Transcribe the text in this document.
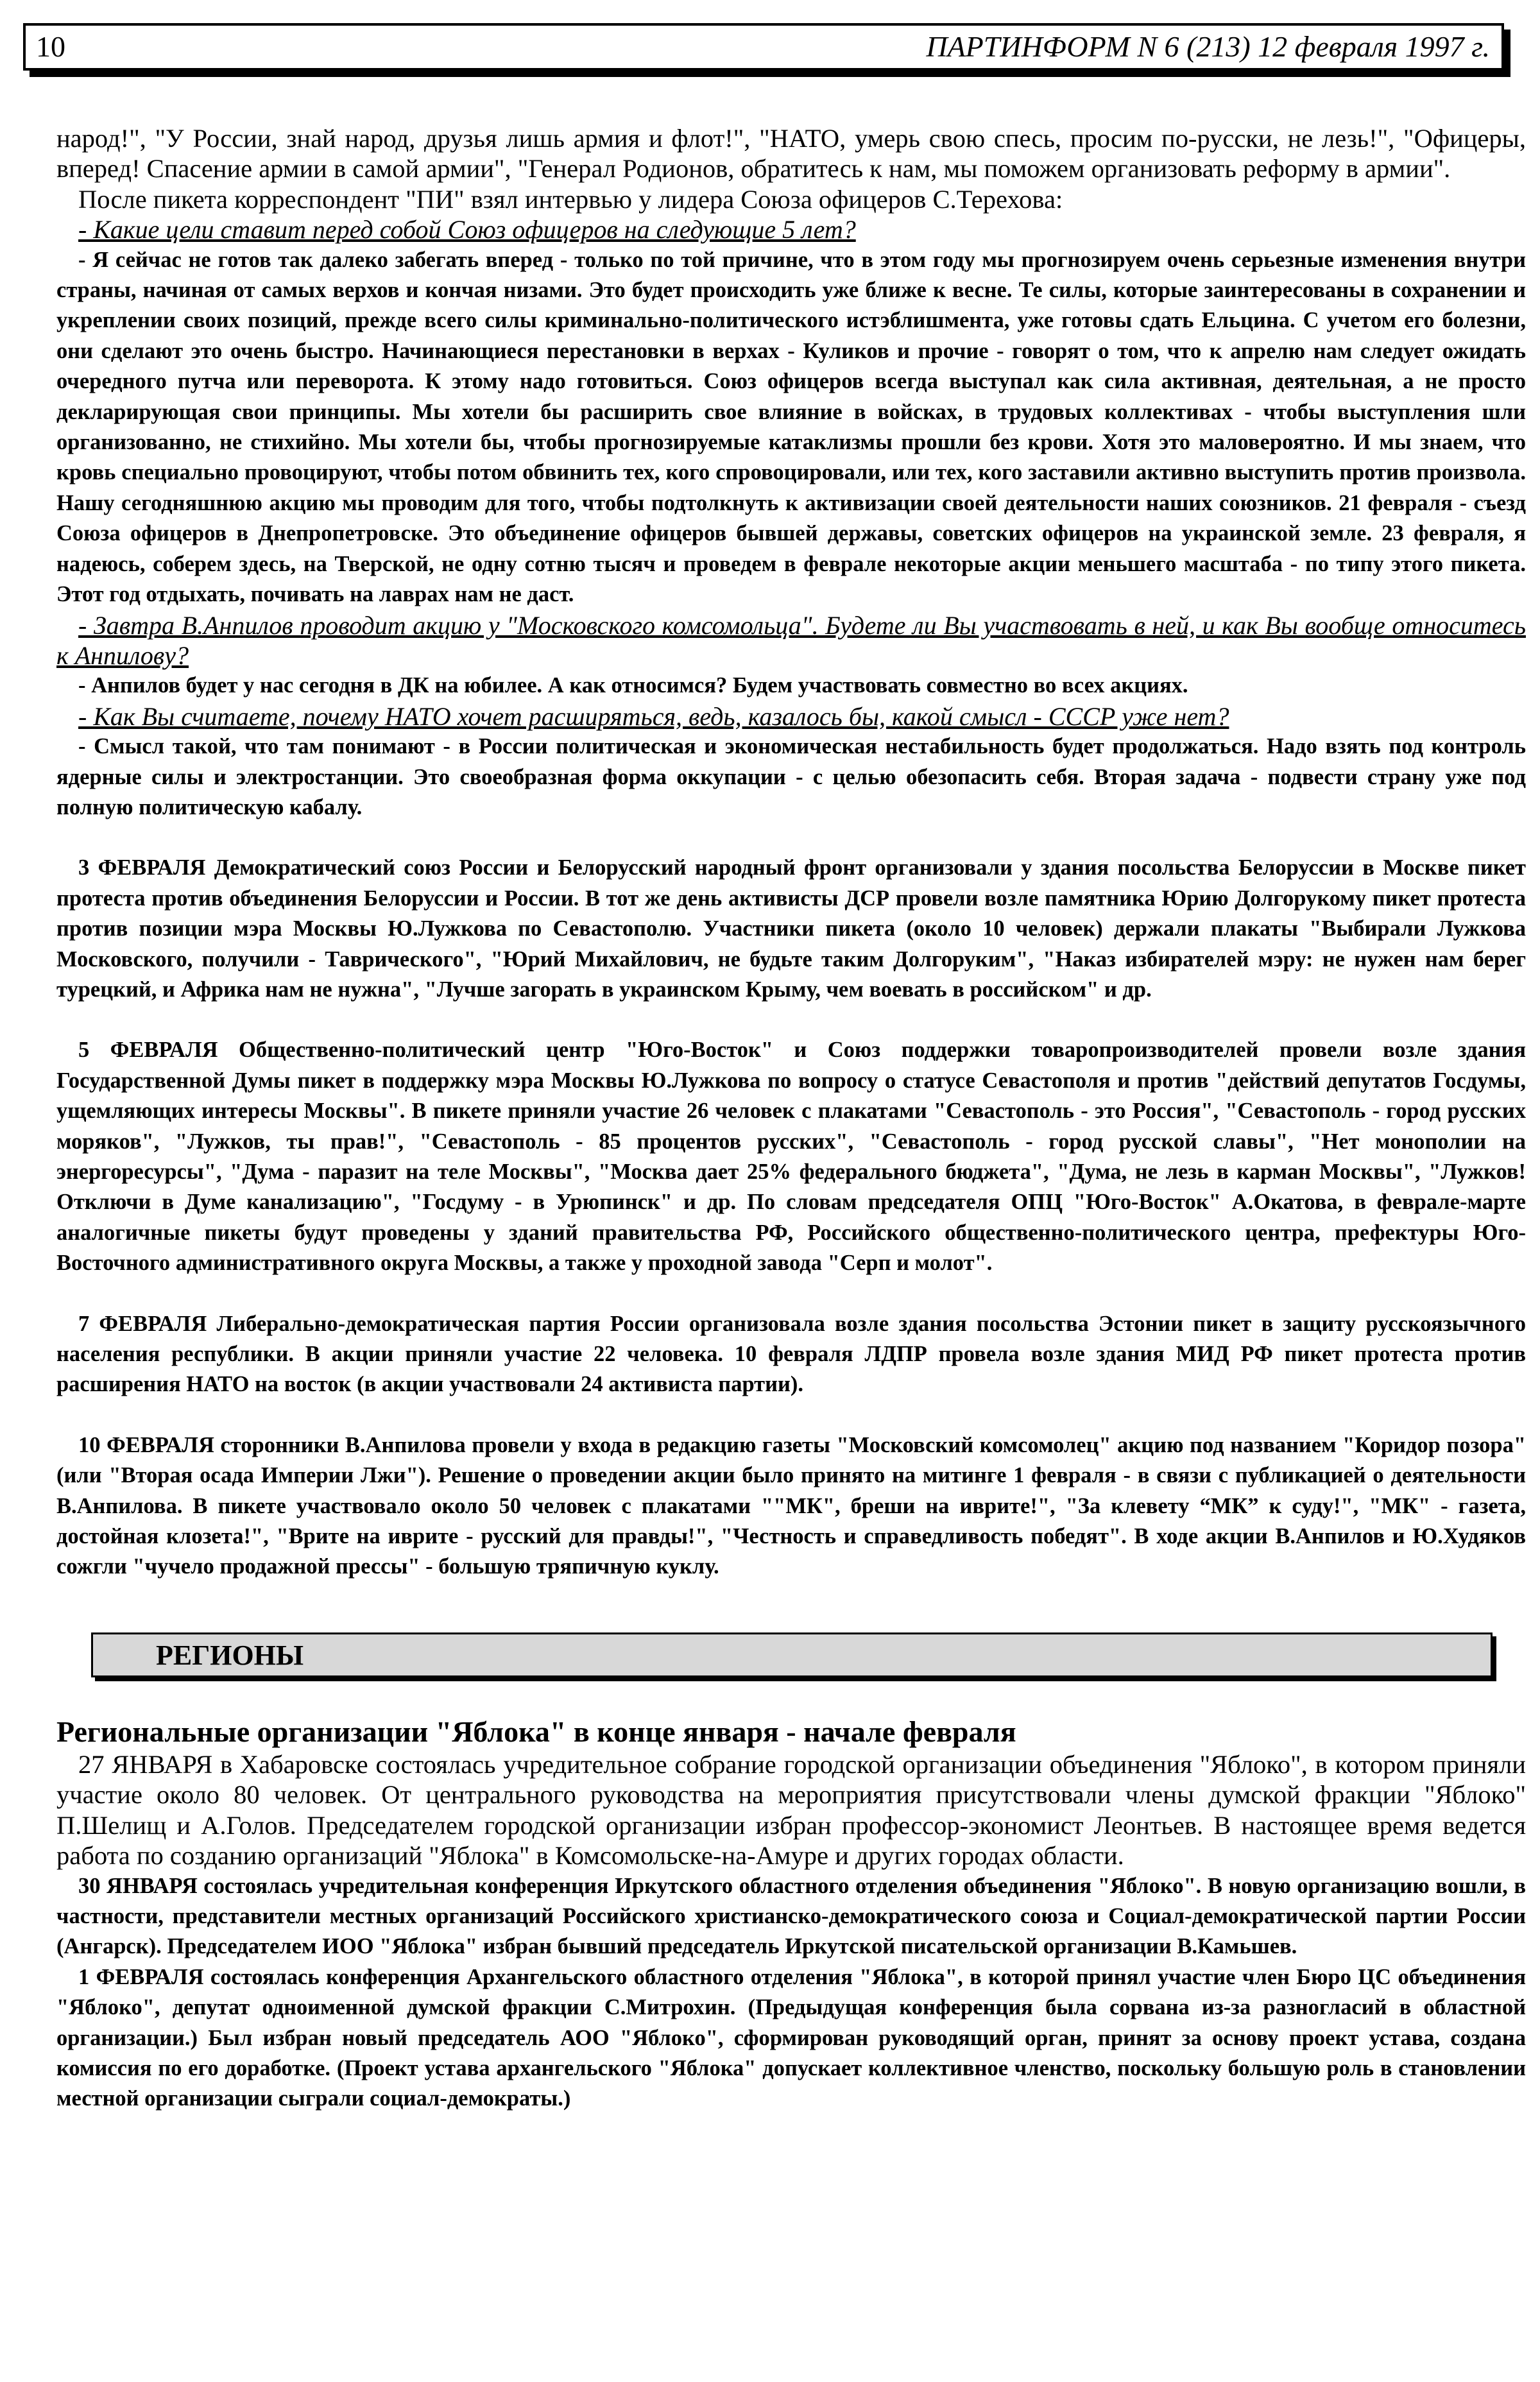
10	ПАРТИНФОРМ N 6 (213) 12 февраля 1997 г.

народ!", "У России, знай народ, друзья лишь армия и флот!", "НАТО, умерь свою спесь, просим по-русски, не лезь!", "Офицеры, вперед! Спасение армии в самой армии", "Генерал Родионов, обратитесь к нам, мы поможем организовать реформу в армии".

После пикета корреспондент "ПИ" взял интервью у лидера Союза офицеров С.Терехова:

- Какие цели ставит перед собой Союз офицеров на следующие 5 лет?

- Я сейчас не готов так далеко забегать вперед - только по той причине, что в этом году мы прогнозируем очень серьезные изменения внутри страны, начиная от самых верхов и кончая низами. Это будет происходить уже ближе к весне. Те силы, которые заинтересованы в сохранении и укреплении своих позиций, прежде всего силы криминально-политического истэблишмента, уже готовы сдать Ельцина. С учетом его болезни, они сделают это очень быстро. Начинающиеся перестановки в верхах - Куликов и прочие - говорят о том, что к апрелю нам следует ожидать очередного путча или переворота. К этому надо готовиться. Союз офицеров всегда выступал как сила активная, деятельная, а не просто декларирующая свои принципы. Мы хотели бы расширить свое влияние в войсках, в трудовых коллективах - чтобы выступления шли организованно, не стихийно. Мы хотели бы, чтобы прогнозируемые катаклизмы прошли без крови. Хотя это маловероятно. И мы знаем, что кровь специально провоцируют, чтобы потом обвинить тех, кого спровоцировали, или тех, кого заставили активно выступить против произвола. Нашу сегодняшнюю акцию мы проводим для того, чтобы подтолкнуть к активизации своей деятельности наших союзников. 21 февраля - съезд Союза офицеров в Днепропетровске. Это объединение офицеров бывшей державы, советских офицеров на украинской земле. 23 февраля, я надеюсь, соберем здесь, на Тверской, не одну сотню тысяч и проведем в феврале некоторые акции меньшего масштаба - по типу этого пикета. Этот год отдыхать, почивать на лаврах нам не даст.

- Завтра В.Анпилов проводит акцию у "Московского комсомольца". Будете ли Вы участвовать в ней, и как Вы вообще относитесь к Анпилову?

- Анпилов будет у нас сегодня в ДК на юбилее. А как относимся? Будем участвовать совместно во всех акциях.

- Как Вы считаете, почему НАТО хочет расширяться, ведь, казалось бы, какой смысл - СССР уже нет?

- Смысл такой, что там понимают - в России политическая и экономическая нестабильность будет продолжаться. Надо взять под контроль ядерные силы и электростанции. Это своеобразная форма оккупации - с целью обезопасить себя. Вторая задача - подвести страну уже под полную политическую кабалу.

3 ФЕВРАЛЯ Демократический союз России и Белорусский народный фронт организовали у здания посольства Белоруссии в Москве пикет протеста против объединения Белоруссии и России. В тот же день активисты ДСР провели возле памятника Юрию Долгорукому пикет протеста против позиции мэра Москвы Ю.Лужкова по Севастополю. Участники пикета (около 10 человек) держали плакаты "Выбирали Лужкова Московского, получили - Таврического", "Юрий Михайлович, не будьте таким Долгоруким", "Наказ избирателей мэру: не нужен нам берег турецкий, и Африка нам не нужна", "Лучше загорать в украинском Крыму, чем воевать в российском" и др.

5 ФЕВРАЛЯ Общественно-политический центр "Юго-Восток" и Союз поддержки товаропроизводителей провели возле здания Государственной Думы пикет в поддержку мэра Москвы Ю.Лужкова по вопросу о статусе Севастополя и против "действий депутатов Госдумы, ущемляющих интересы Москвы". В пикете приняли участие 26 человек с плакатами "Севастополь - это Россия", "Севастополь - город русских моряков", "Лужков, ты прав!", "Севастополь - 85 процентов русских", "Севастополь - город русской славы", "Нет монополии на энергоресурсы", "Дума - паразит на теле Москвы", "Москва дает 25% федерального бюджета", "Дума, не лезь в карман Москвы", "Лужков! Отключи в Думе канализацию", "Госдуму - в Урюпинск" и др. По словам председателя ОПЦ "Юго-Восток" А.Окатова, в феврале-марте аналогичные пикеты будут проведены у зданий правительства РФ, Российского общественно-политического центра, префектуры Юго-Восточного административного округа Москвы, а также у проходной завода "Серп и молот".

7 ФЕВРАЛЯ Либерально-демократическая партия России организовала возле здания посольства Эстонии пикет в защиту русскоязычного населения республики. В акции приняли участие 22 человека. 10 февраля ЛДПР провела возле здания МИД РФ пикет протеста против расширения НАТО на восток (в акции участвовали 24 активиста партии).

10 ФЕВРАЛЯ сторонники В.Анпилова провели у входа в редакцию газеты "Московский комсомолец" акцию под названием "Коридор позора" (или "Вторая осада Империи Лжи"). Решение о проведении акции было принято на митинге 1 февраля - в связи с публикацией о деятельности В.Анпилова. В пикете участвовало около 50 человек с плакатами ""МК", бреши на иврите!", "За клевету “МК” к суду!", "МК" - газета, достойная клозета!", "Врите на иврите - русский для правды!", "Честность и справедливость победят". В ходе акции В.Анпилов и Ю.Худяков сожгли "чучело продажной прессы" - большую тряпичную куклу.

РЕГИОНЫ

Региональные организации "Яблока" в конце января - начале февраля

27 ЯНВАРЯ в Хабаровске состоялась учредительное собрание городской организации объединения "Яблоко", в котором приняли участие около 80 человек. От центрального руководства на мероприятия присутствовали члены думской фракции "Яблоко" П.Шелищ и А.Голов. Председателем городской организации избран профессор-экономист Леонтьев. В настоящее время ведется работа по созданию организаций "Яблока" в Комсомольске-на-Амуре и других городах области.

30 ЯНВАРЯ состоялась учредительная конференция Иркутского областного отделения объединения "Яблоко". В новую организацию вошли, в частности, представители местных организаций Российского христианско-демократического союза и Социал-демократической партии России (Ангарск). Председателем ИОО "Яблока" избран бывший председатель Иркутской писательской организации В.Камьшев.

1 ФЕВРАЛЯ состоялась конференция Архангельского областного отделения "Яблока", в которой принял участие член Бюро ЦС объединения "Яблоко", депутат одноименной думской фракции С.Митрохин. (Предыдущая конференция была сорвана из-за разногласий в областной организации.) Был избран новый председатель АОО "Яблоко", сформирован руководящий орган, принят за основу проект устава, создана комиссия по его доработке. (Проект устава архангельского "Яблока" допускает коллективное членство, поскольку большую роль в становлении местной организации сыграли социал-демократы.)
